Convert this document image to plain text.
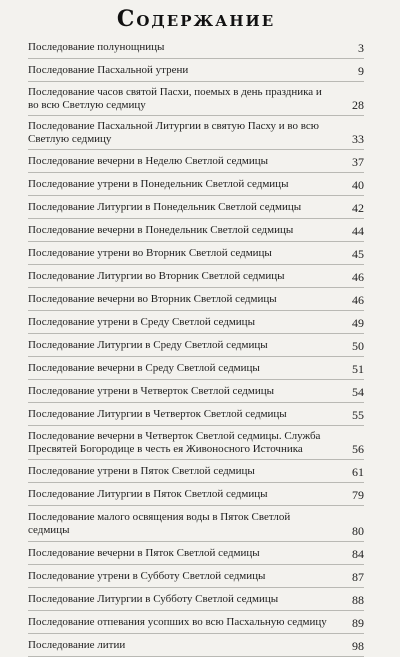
Содержание
Последование полунощницы	3
Последование Пасхальной утрени	9
Последование часов святой Пасхи, поемых в день праздника и во всю Светлую седмицу	28
Последование Пасхальной Литургии в святую Пасху и во всю Светлую седмицу	33
Последование вечерни в Неделю Светлой седмицы	37
Последование утрени в Понедельник Светлой седмицы	40
Последование Литургии в Понедельник Светлой седмицы	42
Последование вечерни в Понедельник Светлой седмицы	44
Последование утрени во Вторник Светлой седмицы	45
Последование Литургии во Вторник Светлой седмицы	46
Последование вечерни во Вторник Светлой седмицы	46
Последование утрени в Среду Светлой седмицы	49
Последование Литургии в Среду Светлой седмицы	50
Последование вечерни в Среду Светлой седмицы	51
Последование утрени в Четверток Светлой седмицы	54
Последование Литургии в Четверток Светлой седмицы	55
Последование вечерни в Четверток Светлой седмицы. Служба Пресвятей Богородице в честь ея Живоносного Источника	56
Последование утрени в Пяток Светлой седмицы	61
Последование Литургии в Пяток Светлой седмицы	79
Последование малого освящения воды в Пяток Светлой седмицы	80
Последование вечерни в Пяток Светлой седмицы	84
Последование утрени в Субботу Светлой седмицы	87
Последование Литургии в Субботу Светлой седмицы	88
Последование отпевания усопших во всю Пасхальную седмицу	89
Последование литии	98
